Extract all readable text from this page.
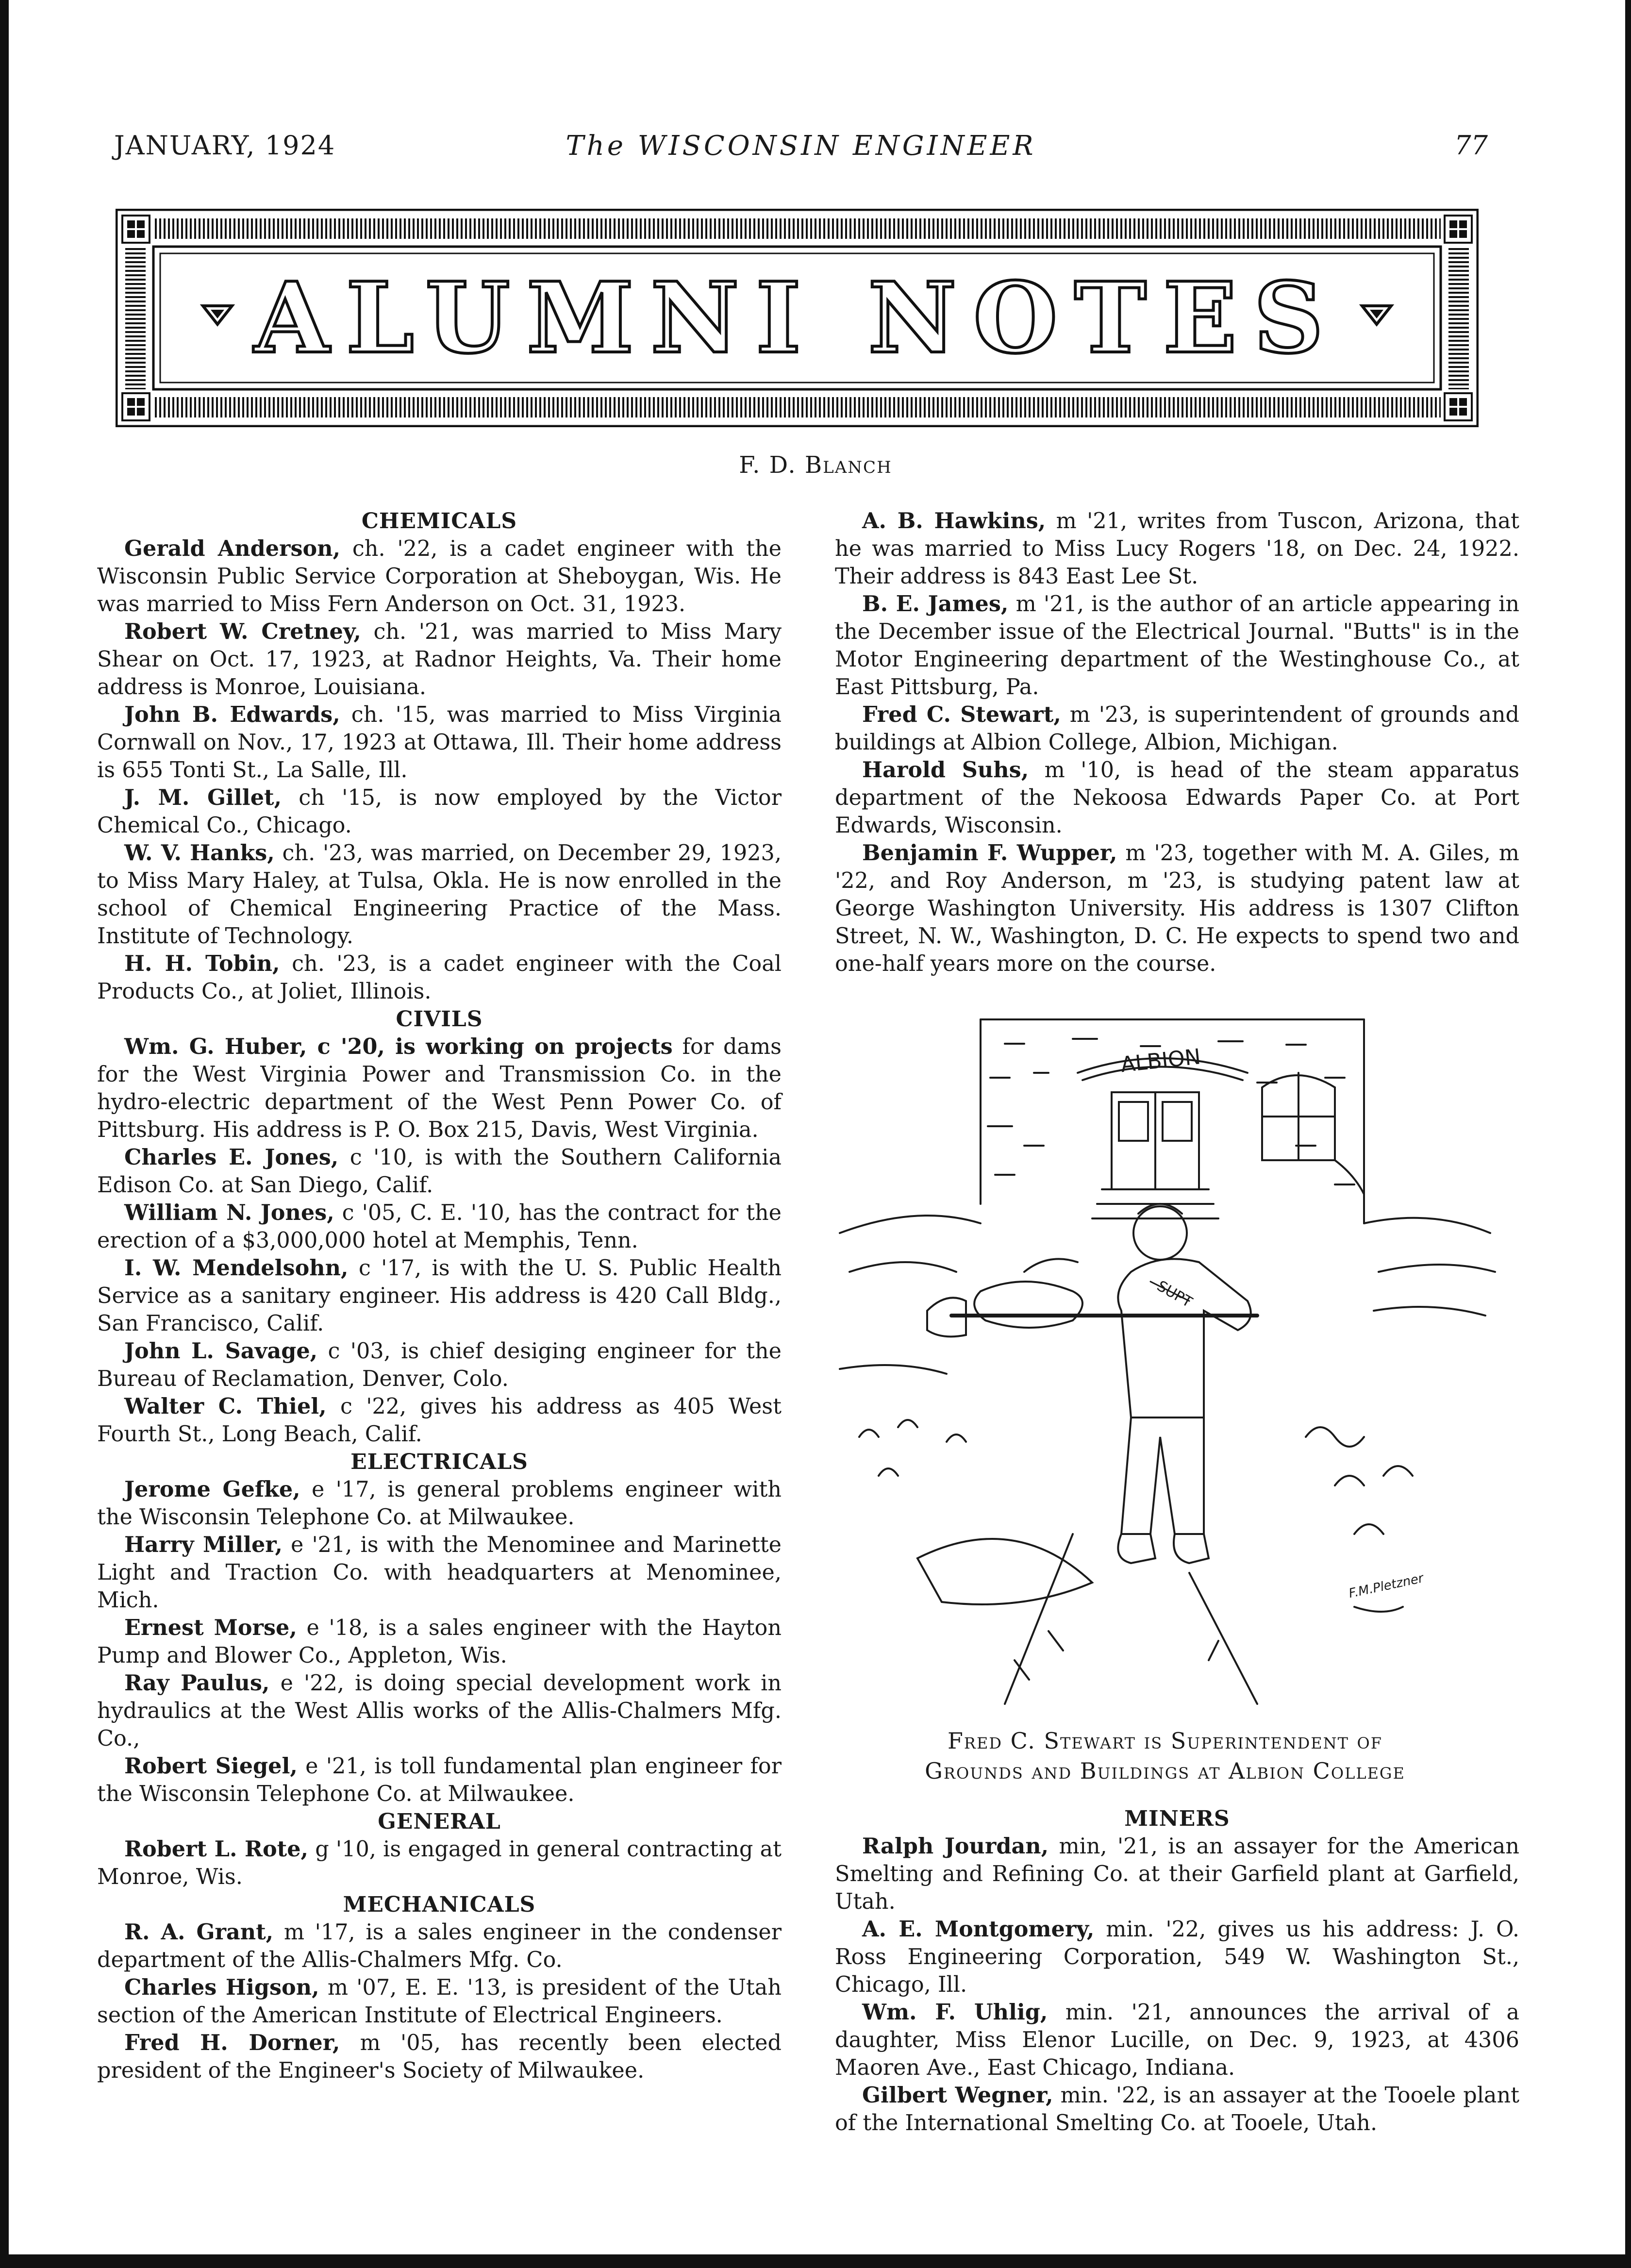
JANUARY, 1924	The WISCONSIN ENGINEER	77
ALUMNI NOTES
F. D. Blanch

CHEMICALS

Gerald Anderson, ch. '22, is a cadet engineer with the Wisconsin Public Service Corporation at Sheboygan, Wis. He was married to Miss Fern Anderson on Oct. 31, 1923.

Robert W. Cretney, ch. '21, was married to Miss Mary Shear on Oct. 17, 1923, at Radnor Heights, Va. Their home address is Monroe, Louisiana.

John B. Edwards, ch. '15, was married to Miss Virginia Cornwall on Nov., 17, 1923 at Ottawa, Ill. Their home address is 655 Tonti St., La Salle, Ill.

J. M. Gillet, ch '15, is now employed by the Victor Chemical Co., Chicago.

W. V. Hanks, ch. '23, was married, on December 29, 1923, to Miss Mary Haley, at Tulsa, Okla. He is now enrolled in the school of Chemical Engineering Practice of the Mass. Institute of Technology.

H. H. Tobin, ch. '23, is a cadet engineer with the Coal Products Co., at Joliet, Illinois.

CIVILS

Wm. G. Huber, c '20, is working on projects for dams for the West Virginia Power and Transmission Co. in the hydro-electric department of the West Penn Power Co. of Pittsburg. His address is P. O. Box 215, Davis, West Virginia.

Charles E. Jones, c '10, is with the Southern California Edison Co. at San Diego, Calif.

William N. Jones, c '05, C. E. '10, has the contract for the erection of a $3,000,000 hotel at Memphis, Tenn.

I. W. Mendelsohn, c '17, is with the U. S. Public Health Service as a sanitary engineer. His address is 420 Call Bldg., San Francisco, Calif.

John L. Savage, c '03, is chief desiging engineer for the Bureau of Reclamation, Denver, Colo.

Walter C. Thiel, c '22, gives his address as 405 West Fourth St., Long Beach, Calif.

ELECTRICALS

Jerome Gefke, e '17, is general problems engineer with the Wisconsin Telephone Co. at Milwaukee.

Harry Miller, e '21, is with the Menominee and Marinette Light and Traction Co. with headquarters at Menominee, Mich.

Ernest Morse, e '18, is a sales engineer with the Hayton Pump and Blower Co., Appleton, Wis.

Ray Paulus, e '22, is doing special development work in hydraulics at the West Allis works of the Allis-Chalmers Mfg. Co.,

Robert Siegel, e '21, is toll fundamental plan engineer for the Wisconsin Telephone Co. at Milwaukee.

GENERAL

Robert L. Rote, g '10, is engaged in general contracting at Monroe, Wis.

MECHANICALS

R. A. Grant, m '17, is a sales engineer in the condenser department of the Allis-Chalmers Mfg. Co.

Charles Higson, m '07, E. E. '13, is president of the Utah section of the American Institute of Electrical Engineers.

Fred H. Dorner, m '05, has recently been elected president of the Engineer's Society of Milwaukee.

A. B. Hawkins, m '21, writes from Tuscon, Arizona, that he was married to Miss Lucy Rogers '18, on Dec. 24, 1922. Their address is 843 East Lee St.

B. E. James, m '21, is the author of an article appearing in the December issue of the Electrical Journal. "Butts" is in the Motor Engineering department of the Westinghouse Co., at East Pittsburg, Pa.

Fred C. Stewart, m '23, is superintendent of grounds and buildings at Albion College, Albion, Michigan.

Harold Suhs, m '10, is head of the steam apparatus department of the Nekoosa Edwards Paper Co. at Port Edwards, Wisconsin.

Benjamin F. Wupper, m '23, together with M. A. Giles, m '22, and Roy Anderson, m '23, is studying patent law at George Washington University. His address is 1307 Clifton Street, N. W., Washington, D. C. He expects to spend two and one-half years more on the course.

ALBION
SUPT
F.M.Pletzner
Fred C. Stewart is Superintendent of
Grounds and Buildings at Albion College

MINERS

Ralph Jourdan, min, '21, is an assayer for the American Smelting and Refining Co. at their Garfield plant at Garfield, Utah.

A. E. Montgomery, min. '22, gives us his address: J. O. Ross Engineering Corporation, 549 W. Washington St., Chicago, Ill.

Wm. F. Uhlig, min. '21, announces the arrival of a daughter, Miss Elenor Lucille, on Dec. 9, 1923, at 4306 Maoren Ave., East Chicago, Indiana.

Gilbert Wegner, min. '22, is an assayer at the Tooele plant of the International Smelting Co. at Tooele, Utah.
